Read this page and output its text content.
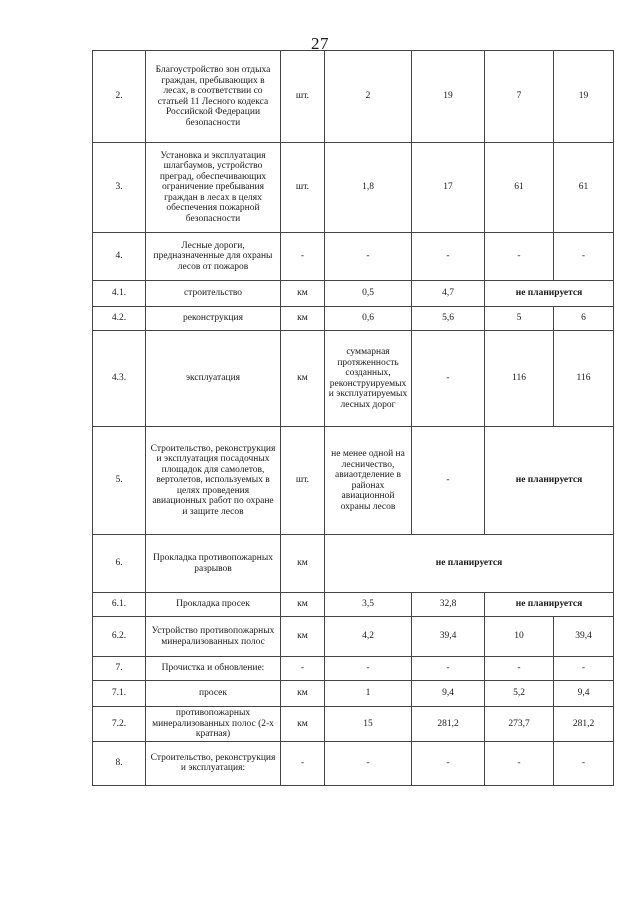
27
2.	Благоустройство зон отдыха граждан, пребывающих в лесах, в соответствии со статьей 11 Лесного кодекса Российской Федерации безопасности	шт.	2	19	7	19
3.	Установка и эксплуатация шлагбаумов, устройство преград, обеспечивающих ограничение пребывания граждан в лесах в целях обеспечения пожарной безопасности	шт.	1,8	17	61	61
4.	Лесные дороги, предназначенные для охраны лесов от пожаров	-	-	-	-	-
4.1.	строительство	км	0,5	4,7	не планируется	
4.2.	реконструкция	км	0,6	5,6	5	6
4.3.	эксплуатация	км	суммарная протяженность созданных, реконструируемых и эксплуатируемых лесных дорог	-	116	116
5.	Строительство, реконструкция и эксплуатация посадочных площадок для самолетов, вертолетов, используемых в целях проведения авиационных работ по охране и защите лесов	шт.	не менее одной на лесничество, авиаотделение в районах авиационной охраны лесов	-	не планируется	
6.	Прокладка противопожарных разрывов	км	не планируется			
6.1.	Прокладка просек	км	3,5	32,8	не планируется	
6.2.	Устройство противопожарных минерализованных полос	км	4,2	39,4	10	39,4
7.	Прочистка и обновление:	-	-	-	-	-
7.1.	просек	км	1	9,4	5,2	9,4
7.2.	противопожарных минерализованных полос (2-х кратная)	км	15	281,2	273,7	281,2
8.	Строительство, реконструкция и эксплуатация:	-	-	-	-	-
